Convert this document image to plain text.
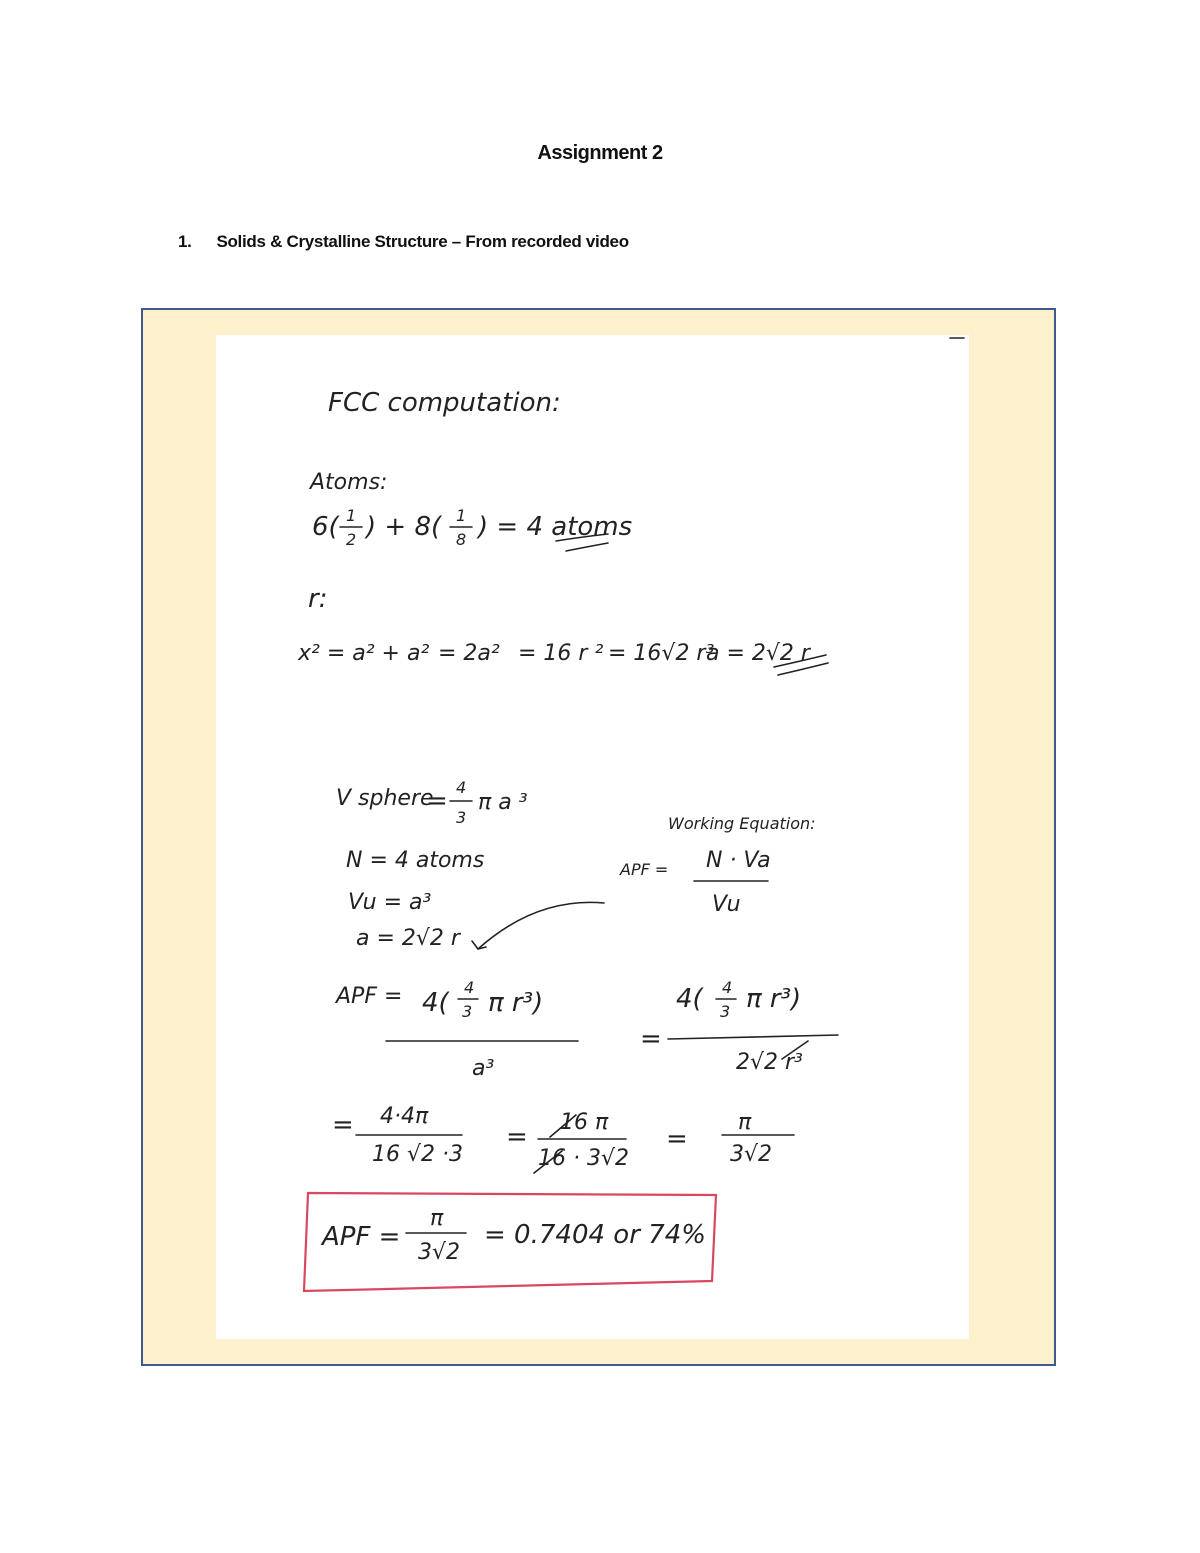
Assignment 2
1. Solids & Crystalline Structure – From recorded video
FCC computation:
Atoms:
6( 1
2 ) + 8( 1
8 ) = 4 atoms
r:
x² = a² + a² = 2a² = 16 r ² = 16√2 r³
a = 2√2 r
V sphere
= 4
3
π a ³
Working Equation:
APF = N · Va
Vu
N = 4 atoms
Vu = a³
a = 2√2 r
APF = 4(
4
3 π r³)
a³
=
4( 4
3 π r³)
2√2 r³
= 4·4π
16 √2 ·3
= 16 π
16 · 3√2
=
π
3√2
APF =
π
3√2
= 0.7404 or 74%
